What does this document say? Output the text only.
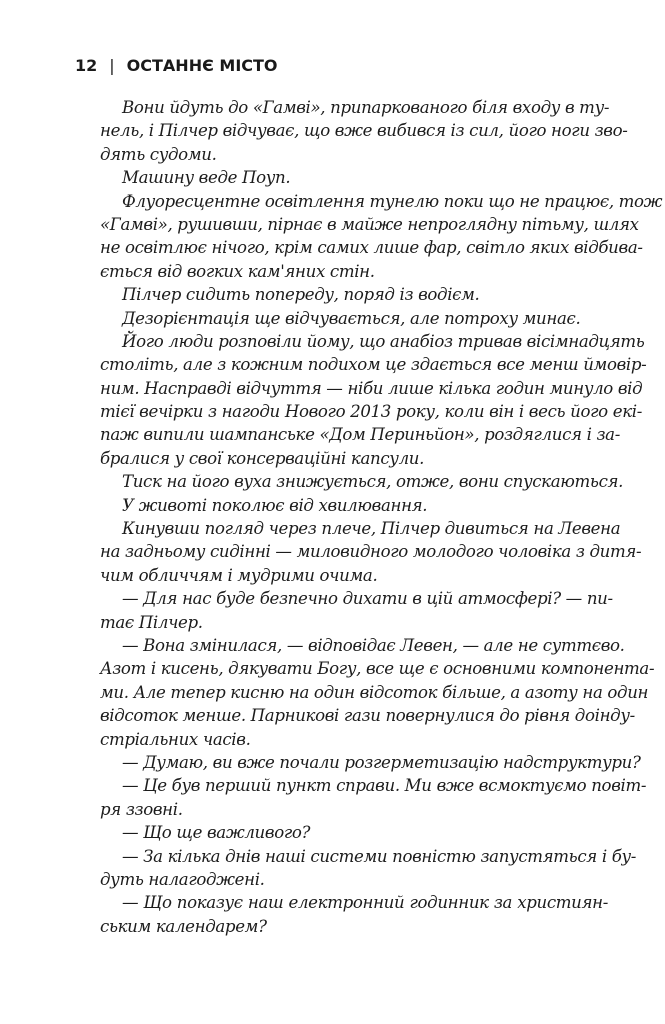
12 | ОСТАННЄ МІСТО
Вони йдуть до «Гамві», припаркованого біля входу в ту-
нель, і Пілчер відчуває, що вже вибився із сил, його ноги зво-
дять судоми.
Машину веде Поуп.
Флуоресцентне освітлення тунелю поки що не працює, тож
«Гамві», рушивши, пірнає в майже непроглядну пітьму, шлях
не освітлює нічого, крім самих лише фар, світло яких відбива-
ється від вогких кам'яних стін.
Пілчер сидить попереду, поряд із водієм.
Дезорієнтація ще відчувається, але потроху минає.
Його люди розповіли йому, що анабіоз тривав вісімнадцять
століть, але з кожним подихом це здається все менш ймовір-
ним. Насправді відчуття — ніби лише кілька годин минуло від
тієї вечірки з нагоди Нового 2013 року, коли він і весь його екі-
паж випили шампанське «Дом Периньйон», роздяглися і за-
бралися у свої консерваційні капсули.
Тиск на його вуха знижується, отже, вони спускаються.
У животі поколює від хвилювання.
Кинувши погляд через плече, Пілчер дивиться на Левена
на задньому сидінні — миловидного молодого чоловіка з дитя-
чим обличчям і мудрими очима.
— Для нас буде безпечно дихати в цій атмосфері? — пи-
тає Пілчер.
— Вона змінилася, — відповідає Левен, — але не суттєво.
Азот і кисень, дякувати Богу, все ще є основними компонента-
ми. Але тепер кисню на один відсоток більше, а азоту на один
відсоток менше. Парникові гази повернулися до рівня доінду-
стріальних часів.
— Думаю, ви вже почали розгерметизацію надструктури?
— Це був перший пункт справи. Ми вже всмоктуємо повіт-
ря ззовні.
— Що ще важливого?
— За кілька днів наші системи повністю запустяться і бу-
дуть налагоджені.
— Що показує наш електронний годинник за християн-
ським календарем?
